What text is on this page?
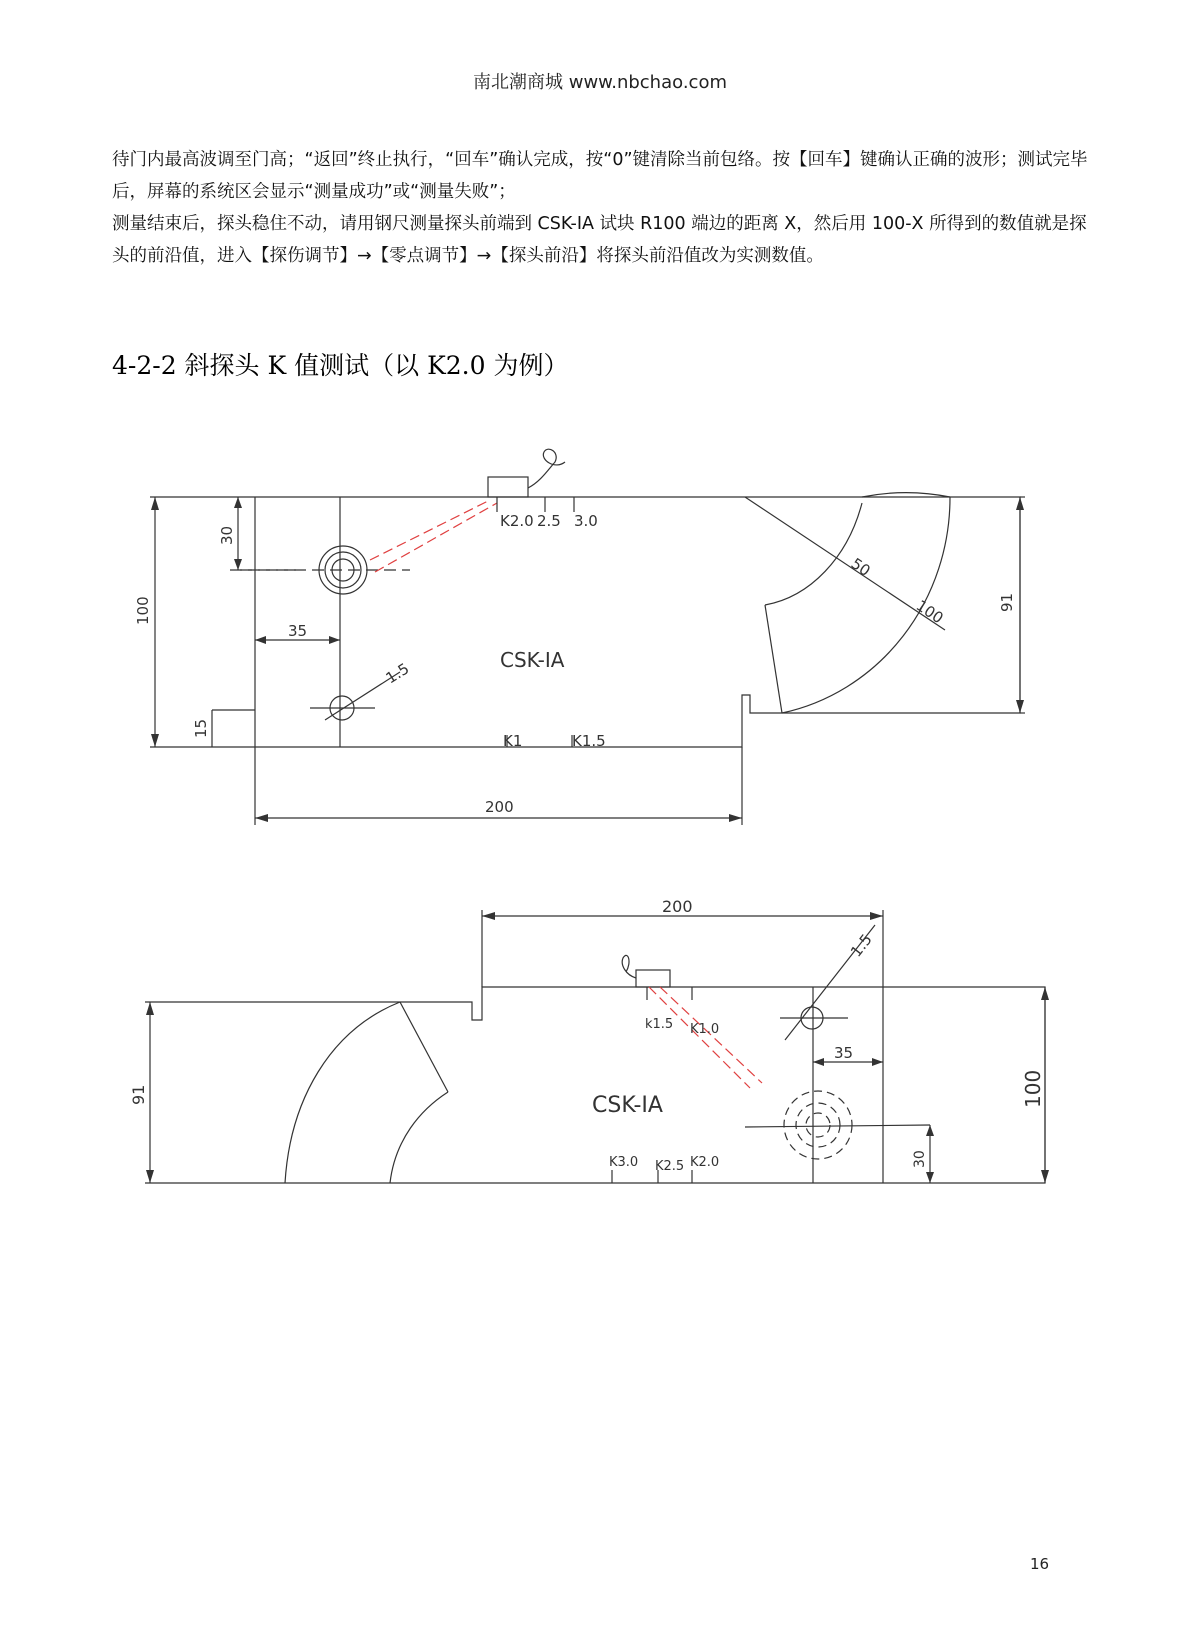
南北潮商城 www.nbchao.com

待门内最高波调至门高；“返回”终止执行，“回车”确认完成，按“0”键清除当前包络。按【回车】键确认正确的波形；测试完毕后，屏幕的系统区会显示“测量成功”或“测量失败”；

测量结束后，探头稳住不动，请用钢尺测量探头前端到 CSK-IA 试块 R100 端边的距离 X，然后用 100-X 所得到的数值就是探头的前沿值，进入【探伤调节】→【零点调节】→【探头前沿】将探头前沿值改为实测数值。

4-2-2 斜探头 K 值测试（以 K2.0 为例）
CSK-IA
K2.0 2.5 3.0
K1	K1.5
35
200
100
30
15
91
1.5
50
100
CSK-IA
200
35
k1.5 K1.0
K3.0 K2.5 K2.0
100
30
91
1.5
16
